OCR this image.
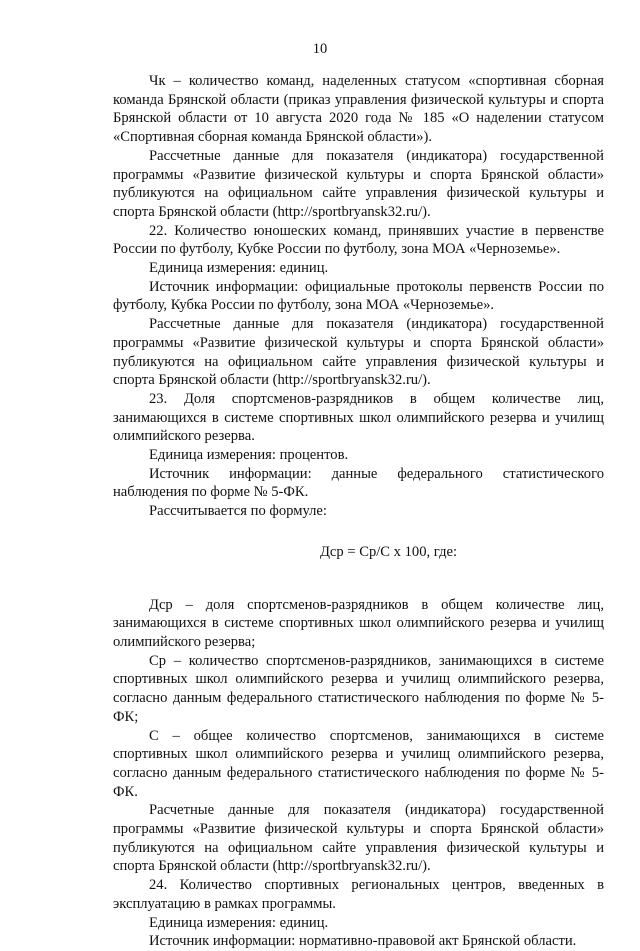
10

Чк – количество команд, наделенных статусом «спортивная сборная команда Брянской области (приказ управления физической культуры и спорта Брянской области от 10 августа 2020 года № 185 «О наделении статусом «Спортивная сборная команда Брянской области»).

Рассчетные данные для показателя (индикатора) государственной программы «Развитие физической культуры и спорта Брянской области» публикуются на официальном сайте управления физической культуры и спорта Брянской области (http://sportbryansk32.ru/).

22. Количество юношеских команд, принявших участие в первенстве России по футболу, Кубке России по футболу, зона МОА «Черноземье».

Единица измерения: единиц.

Источник информации: официальные протоколы первенств России по футболу, Кубка России по футболу, зона МОА «Черноземье».

Рассчетные данные для показателя (индикатора) государственной программы «Развитие физической культуры и спорта Брянской области» публикуются на официальном сайте управления физической культуры и спорта Брянской области (http://sportbryansk32.ru/).

23. Доля спортсменов-разрядников в общем количестве лиц, занимающихся в системе спортивных школ олимпийского резерва и училищ олимпийского резерва.

Единица измерения: процентов.

Источник информации: данные федерального статистического наблюдения по форме № 5-ФК.

Рассчитывается по формуле:

Дср = Ср/С х 100, где:

Дср – доля спортсменов-разрядников в общем количестве лиц, занимающихся в системе спортивных школ олимпийского резерва и училищ олимпийского резерва;

Ср – количество спортсменов-разрядников, занимающихся в системе спортивных школ олимпийского резерва и училищ олимпийского резерва, согласно данным федерального статистического наблюдения по форме № 5-ФК;

С – общее количество спортсменов, занимающихся в системе спортивных школ олимпийского резерва и училищ олимпийского резерва, согласно данным федерального статистического наблюдения по форме № 5-ФК.

Расчетные данные для показателя (индикатора) государственной программы «Развитие физической культуры и спорта Брянской области» публикуются на официальном сайте управления физической культуры и спорта Брянской области (http://sportbryansk32.ru/).

24. Количество спортивных региональных центров, введенных в эксплуатацию в рамках программы.

Единица измерения: единиц.

Источник информации: нормативно-правовой акт Брянской области.
